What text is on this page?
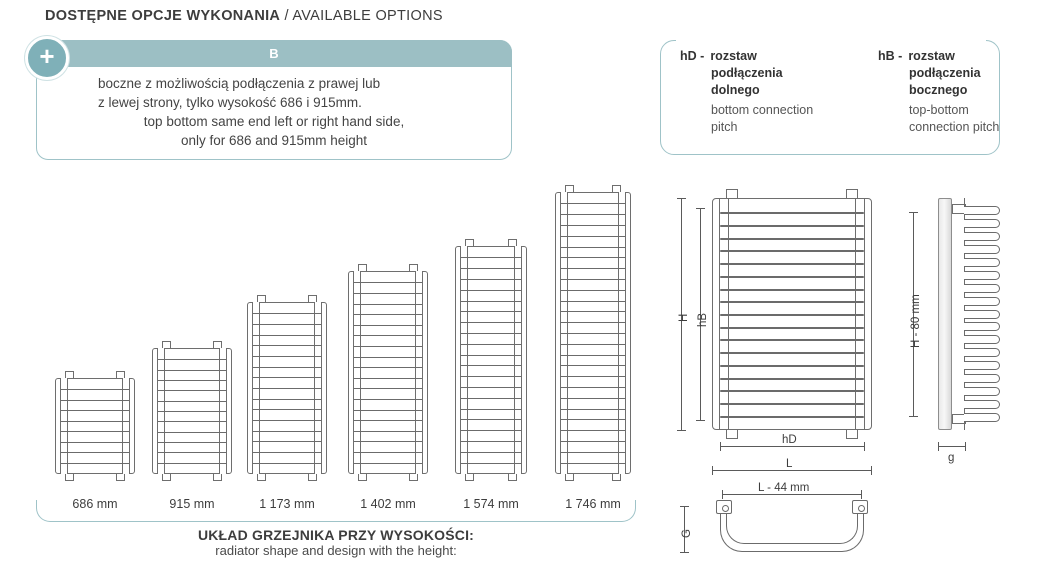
DOSTĘPNE OPCJE WYKONANIA / AVAILABLE OPTIONS
B
+
boczne z możliwością podłączenia z prawej lub
z lewej strony, tylko wysokość 686 i 915mm.
top bottom same end left or right hand side,
only for 686 and 915mm height
hD - rozstaw
podłączenia
dolnego
bottom connection
pitch
hB - rozstaw
podłączenia
bocznego
top-bottom
connection pitch
686 mm	915 mm	1 173 mm	1 402 mm	1 574 mm	1 746 mm
UKŁAD GRZEJNIKA PRZY WYSOKOŚCI:
radiator shape and design with the height:
H hB
hD
L
L - 44 mm
G
H - 80 mm
g
